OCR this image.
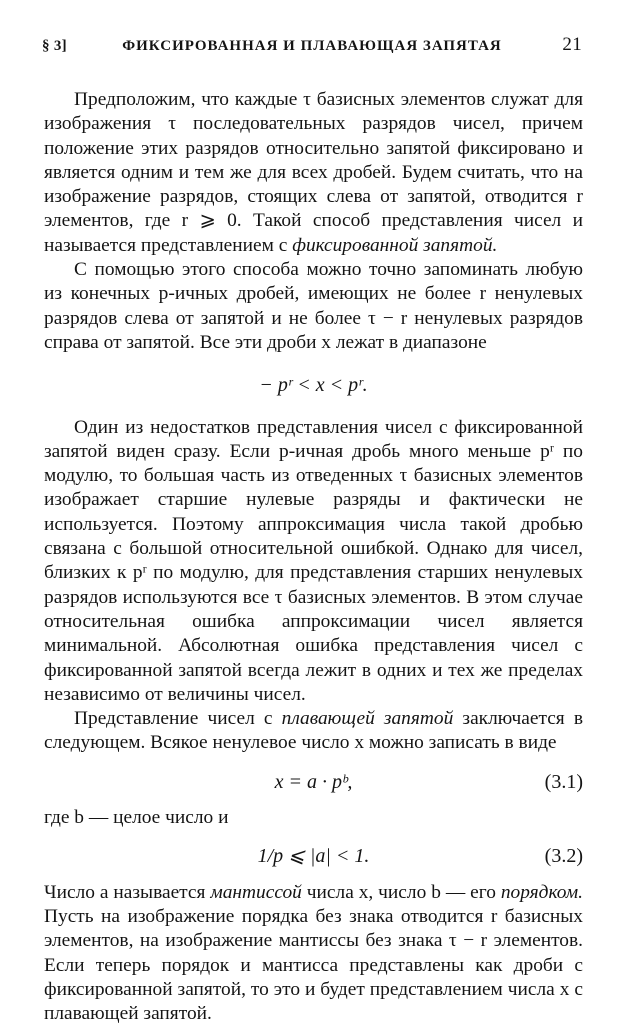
§ 3]	ФИКСИРОВАННАЯ И ПЛАВАЮЩАЯ ЗАПЯТАЯ	21

Предположим, что каждые τ базисных элементов служат для изображения τ последовательных разрядов чисел, причем положение этих разрядов относительно запятой фиксировано и является одним и тем же для всех дробей. Будем считать, что на изображение разрядов, стоящих слева от запятой, отводится r элементов, где r ⩾ 0. Такой способ представления чисел и называется представлением с фиксированной запятой.

С помощью этого способа можно точно запоминать любую из конечных p-ичных дробей, имеющих не более r ненулевых разрядов слева от запятой и не более τ − r ненулевых разрядов справа от запятой. Все эти дроби x лежат в диапазоне

− pʳ < x < pʳ.

Один из недостатков представления чисел с фиксированной запятой виден сразу. Если p-ичная дробь много меньше pʳ по модулю, то большая часть из отведенных τ базисных элементов изображает старшие нулевые разряды и фактически не используется. Поэтому аппроксимация числа такой дробью связана с большой относительной ошибкой. Однако для чисел, близких к pʳ по модулю, для представления старших ненулевых разрядов используются все τ базисных элементов. В этом случае относительная ошибка аппроксимации чисел является минимальной. Абсолютная ошибка представления чисел с фиксированной запятой всегда лежит в одних и тех же пределах независимо от величины чисел.

Представление чисел с плавающей запятой заключается в следующем. Всякое ненулевое число x можно записать в виде

x = a · pᵇ,	(3.1)

где b — целое число и

1/p ⩽ |a| < 1.	(3.2)

Число a называется мантиссой числа x, число b — его порядком. Пусть на изображение порядка без знака отводится r базисных элементов, на изображение мантиссы без знака τ − r элементов. Если теперь порядок и мантисса представлены как дроби с фиксированной запятой, то это и будет представлением числа x с плавающей запятой.
